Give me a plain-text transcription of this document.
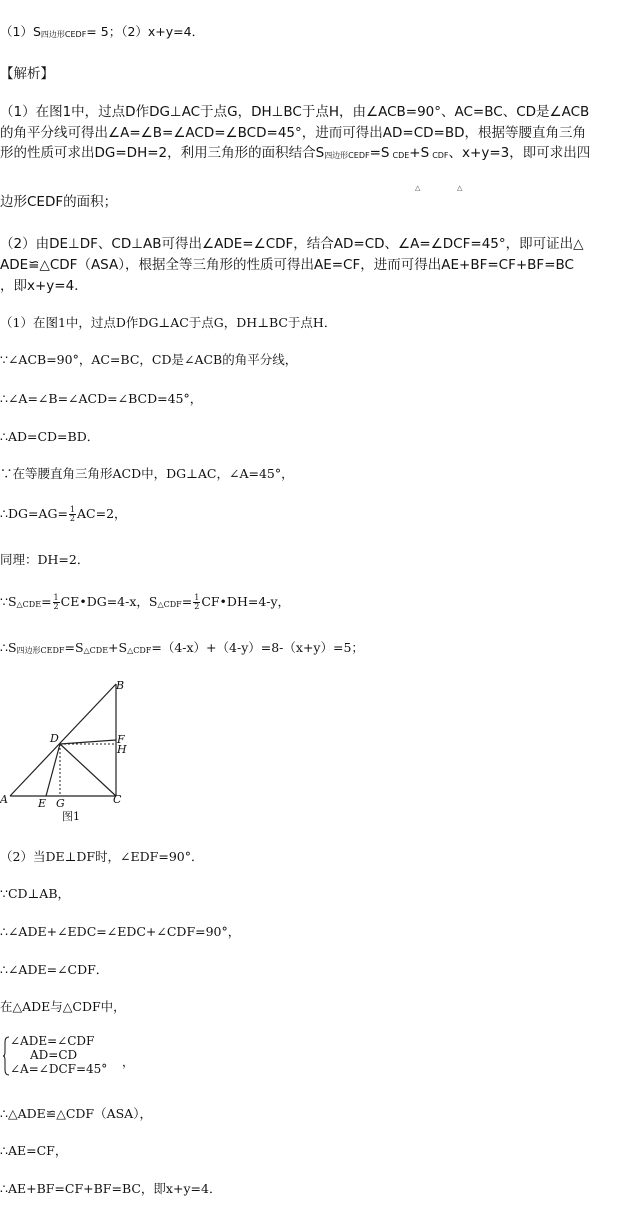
（1）S四边形CEDF= 5；（2）x+y=4．
【解析】
（1）在图1中，过点D作DG⊥AC于点G，DH⊥BC于点H，由∠ACB=90°、AC=BC、CD是∠ACB
的角平分线可得出∠A=∠B=∠ACD=∠BCD=45°，进而可得出AD=CD=BD，根据等腰直角三角
形的性质可求出DG=DH=2，利用三角形的面积结合S四边形CEDF=S CDE+S CDF、x+y=3，即可求出四
△	△
边形CEDF的面积；
（2）由DE⊥DF、CD⊥AB可得出∠ADE=∠CDF，结合AD=CD、∠A=∠DCF=45°，即可证出△
ADE≌△CDF（ASA），根据全等三角形的性质可得出AE=CF，进而可得出AE+BF=CF+BF=BC
，即x+y=4．
（1）在图1中，过点D作DG⊥AC于点G，DH⊥BC于点H．
∵∠ACB=90°，AC=BC，CD是∠ACB的角平分线，
∴∠A=∠B=∠ACD=∠BCD=45°，
∴AD=CD=BD．
∵在等腰直角三角形ACD中，DG⊥AC，∠A=45°，
∴DG=AG= $\frac{1}{2} AC=2$，
同理：DH=2．
∵S△CDE= $\frac{1}{2}$ CE•DG=4-x，S△CDF= $\frac{1}{2}$ CF•DH=4-y，
∴S四边形CEDF=S△CDE+S△CDF=（4-x）+（4-y）=8-（x+y）=5；
A
B
C
D
E
F
G
H
图1
（2）当DE⊥DF时，∠EDF=90°．
∵CD⊥AB，
∴∠ADE+∠EDC=∠EDC+∠CDF=90°，
∴∠ADE=∠CDF．
在△ADE与△CDF中，
∠ADE=∠CDF
AD=CD
∠A=∠DCF=45° ，
∴△ADE≌△CDF（ASA），
∴AE=CF，
∴AE+BF=CF+BF=BC，即x+y=4．
